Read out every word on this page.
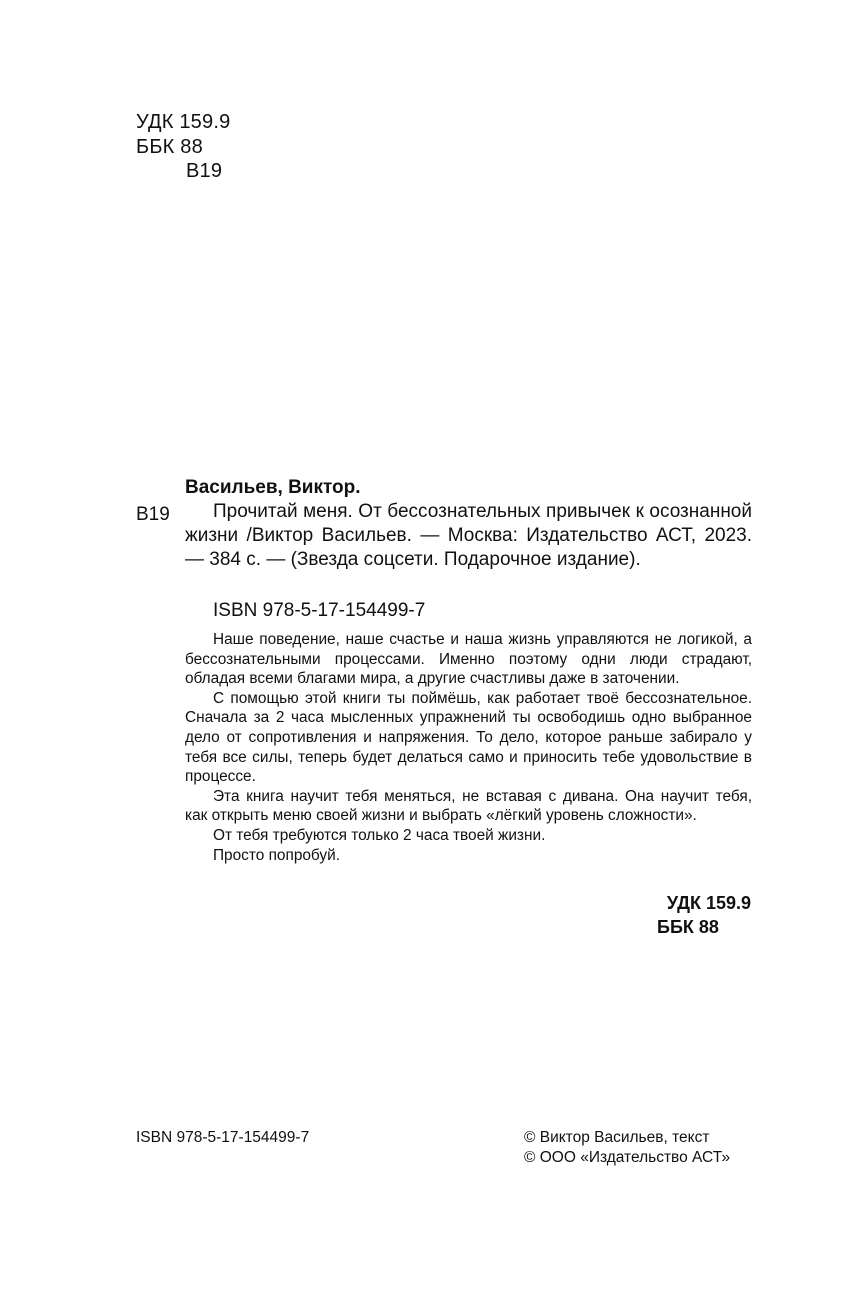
УДК 159.9
ББК 88
В19
Васильев, Виктор.
В19	Прочитай меня. От бессознательных привычек к осознанной жизни /Виктор Васильев. — Москва: Издательство АСТ, 2023. — 384 с. — (Звезда соцсети. Подарочное издание).

ISBN 978-5-17-154499-7

Наше поведение, наше счастье и наша жизнь управляются не логикой, а бессознательными процессами. Именно поэтому одни люди страдают, обладая всеми благами мира, а другие счастливы даже в заточении.

С помощью этой книги ты поймёшь, как работает твоё бессознательное. Сначала за 2 часа мысленных упражнений ты освободишь одно выбранное дело от сопротивления и напряжения. То дело, которое раньше забирало у тебя все силы, теперь будет делаться само и приносить тебе удовольствие в процессе.

Эта книга научит тебя меняться, не вставая с дивана. Она научит тебя, как открыть меню своей жизни и выбрать «лёгкий уровень сложности».

От тебя требуются только 2 часа твоей жизни.

Просто попробуй.

УДК 159.9
ББК 88
ISBN 978-5-17-154499-7	© Виктор Васильев, текст
© ООО «Издательство АСТ»
